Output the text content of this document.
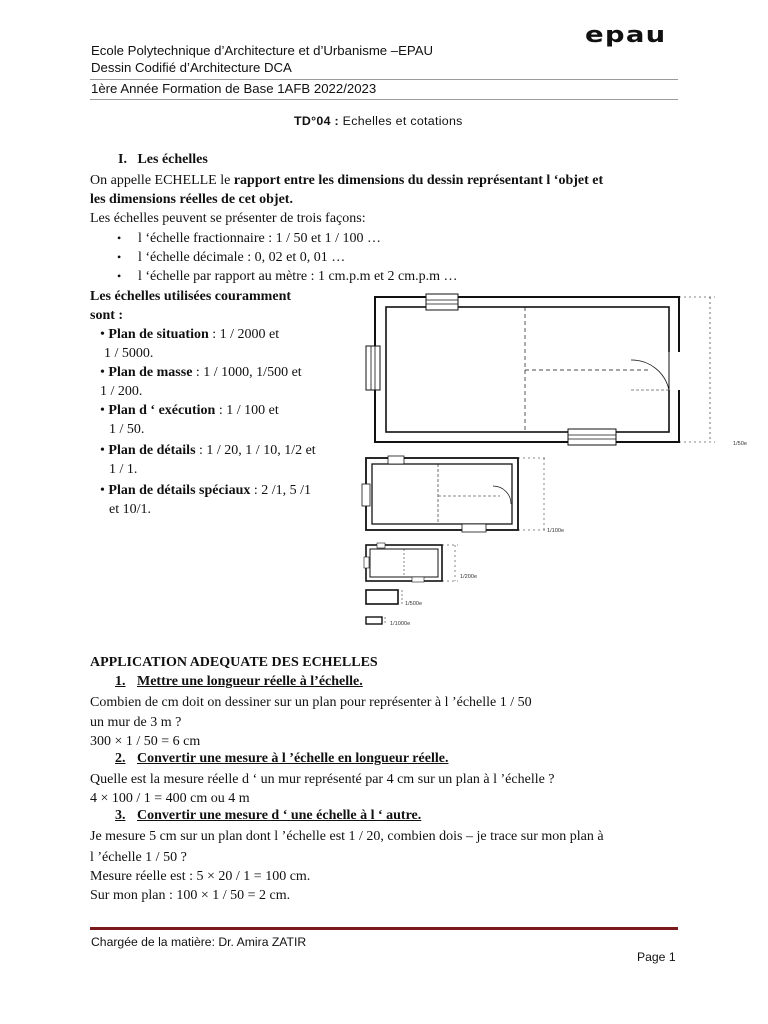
Ecole Polytechnique d’Architecture et d’Urbanisme –EPAU
Dessin Codifié d’Architecture DCA
epau
1ère Année Formation de Base 1AFB 2022/2023
TD°04 : Echelles et cotations
I. Les échelles
On appelle ECHELLE le rapport entre les dimensions du dessin représentant l ‘objet et
les dimensions réelles de cet objet.
Les échelles peuvent se présenter de trois façons:
• l ‘échelle fractionnaire : 1 / 50 et 1 / 100 …
• l ‘échelle décimale : 0, 02 et 0, 01 …
• l ‘échelle par rapport au mètre : 1 cm.p.m et 2 cm.p.m …
Les échelles utilisées couramment
sont :
• Plan de situation : 1 / 2000 et
1 / 5000.
• Plan de masse : 1 / 1000, 1/500 et
1 / 200.
• Plan d ‘ exécution : 1 / 100 et
1 / 50.
• Plan de détails : 1 / 20, 1 / 10, 1/2 et
1 / 1.
• Plan de détails spéciaux : 2 /1, 5 /1
et 10/1.
1/50e
1/100e
1/200e
1/500e
1/1000e
APPLICATION ADEQUATE DES ECHELLES
1. Mettre une longueur réelle à l’échelle.
Combien de cm doit on dessiner sur un plan pour représenter à l ’échelle 1 / 50
un mur de 3 m ?
300 × 1 / 50 = 6 cm
2. Convertir une mesure à l ’échelle en longueur réelle.
Quelle est la mesure réelle d ‘ un mur représenté par 4 cm sur un plan à l ’échelle ?
4 × 100 / 1 = 400 cm ou 4 m
3. Convertir une mesure d ‘ une échelle à l ‘ autre.
Je mesure 5 cm sur un plan dont l ’échelle est 1 / 20, combien dois – je trace sur mon plan à
l ’échelle 1 / 50 ?
Mesure réelle est : 5 × 20 / 1 = 100 cm.
Sur mon plan : 100 × 1 / 50 = 2 cm.
Chargée de la matière: Dr. Amira ZATIR
Page 1
